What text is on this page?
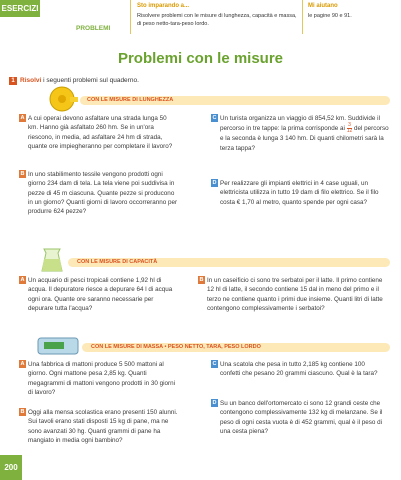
ESERCIZI
PROBLEMI
Sto imparando a...
Risolvere problemi con le misure di lunghezza, capacità e massa, di peso netto-tara-peso lordo.
Mi aiutano
le pagine 90 e 91.
Problemi con le misure
1 Risolvi i seguenti problemi sul quaderno.
CON LE MISURE DI LUNGHEZZA
A A cui operai devono asfaltare una strada lunga 50 km. Hanno già asfaltato 260 hm. Se in un'ora riescono, in media, ad asfaltare 24 hm di strada, quante ore impiegheranno per completare il lavoro?
C Un turista organizza un viaggio di 854,52 km. Suddivide il percorso in tre tappe: la prima corrisponde ai $\frac{3}{12}$ del percorso e la seconda è lunga 3 140 hm. Di quanti chilometri sarà la terza tappa?
B In uno stabilimento tessile vengono prodotti ogni giorno 234 dam di tela. La tela viene poi suddivisa in pezze di 45 m ciascuna. Quante pezze si producono in un giorno? Quanti giorni di lavoro occorreranno per produrre 624 pezze?
D Per realizzare gli impianti elettrici in 4 case uguali, un elettricista utilizza in tutto 19 dam di filo elettrico. Se il filo costa € 1,70 al metro, quanto spende per ogni casa?
CON LE MISURE DI CAPACITÀ
A Un acquario di pesci tropicali contiene 1,92 hl di acqua. Il depuratore riesce a depurare 64 l di acqua ogni ora. Quante ore saranno necessarie per depurare tutta l'acqua?
B In un caseificio ci sono tre serbatoi per il latte. Il primo contiene 12 hl di latte, il secondo contiene 15 dal in meno del primo e il terzo ne contiene quanto i primi due insieme. Quanti litri di latte contengono complessivamente i serbatoi?
CON LE MISURE DI MASSA • PESO NETTO, TARA, PESO LORDO
A Una fabbrica di mattoni produce 5 500 mattoni al giorno. Ogni mattone pesa 2,85 kg. Quanti megagrammi di mattoni vengono prodotti in 30 giorni di lavoro?
C Una scatola che pesa in tutto 2,185 kg contiene 100 confetti che pesano 20 grammi ciascuno. Qual è la tara?
B Oggi alla mensa scolastica erano presenti 150 alunni. Sui tavoli erano stati disposti 15 kg di pane, ma ne sono avanzati 30 hg. Quanti grammi di pane ha mangiato in media ogni bambino?
D Su un banco dell'ortomercato ci sono 12 grandi ceste che contengono complessivamente 132 kg di melanzane. Se il peso di ogni cesta vuota è di 452 grammi, qual è il peso di una cesta piena?
200
